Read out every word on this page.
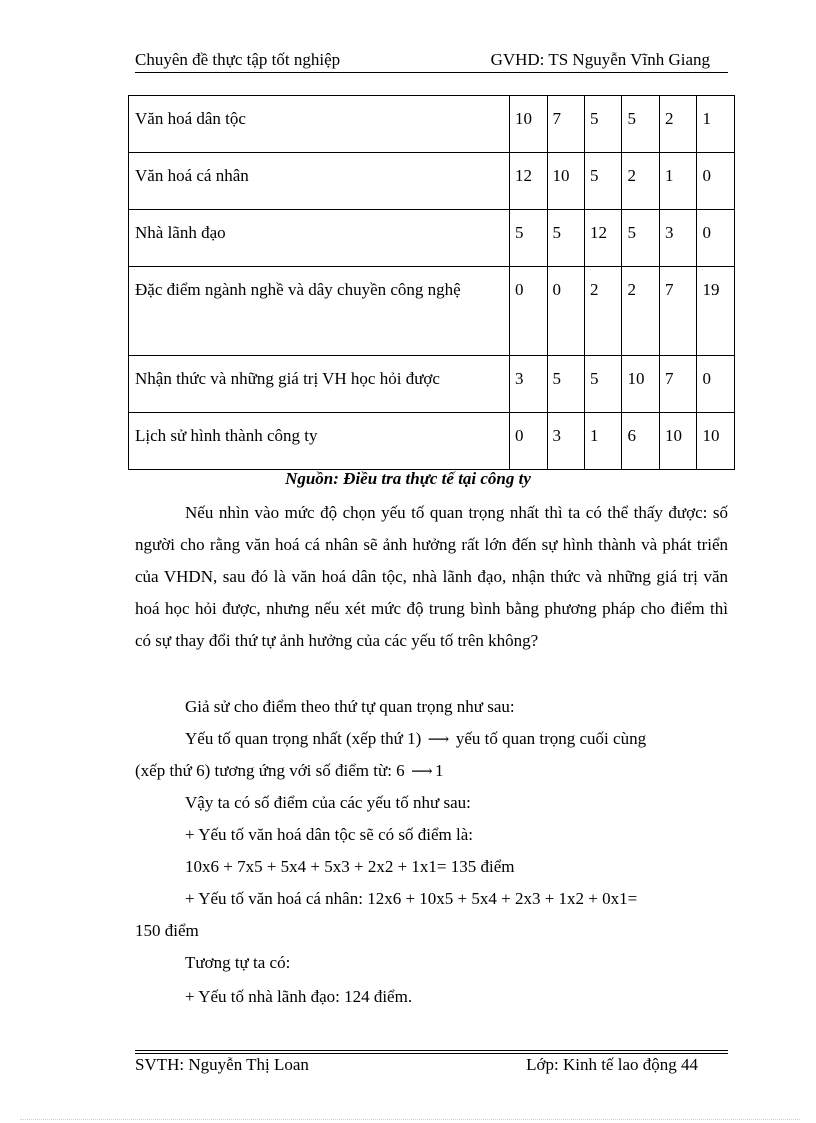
Chuyên đề thực tập tốt nghiệp	GVHD: TS Nguyễn Vĩnh Giang
Văn hoá dân tộc	10	7	5	5	2	1
Văn hoá cá nhân	12	10	5	2	1	0
Nhà lãnh đạo	5	5	12	5	3	0
Đặc điểm ngành nghề và dây chuyền công nghệ	0	0	2	2	7	19
Nhận thức và những giá trị VH học hỏi được	3	5	5	10	7	0
Lịch sử hình thành công ty	0	3	1	6	10	10
Nguồn: Điều tra thực tế tại công ty
Nếu nhìn vào mức độ chọn yếu tố quan trọng nhất thì ta có thể thấy được: số người cho rằng văn hoá cá nhân sẽ ảnh hưởng rất lớn đến sự hình thành và phát triển của VHDN, sau đó là văn hoá dân tộc, nhà lãnh đạo, nhận thức và những giá trị văn hoá học hỏi được, nhưng nếu xét mức độ trung bình bằng phương pháp cho điểm thì có sự thay đổi thứ tự ảnh hưởng của các yếu tố trên không?
Giả sử cho điểm theo thứ tự quan trọng như sau:
Yếu tố quan trọng nhất (xếp thứ 1) ⟶ yếu tố quan trọng cuối cùng
(xếp thứ 6) tương ứng với số điểm từ: 6 ⟶ 1
Vậy ta có số điểm của các yếu tố như sau:
+ Yếu tố văn hoá dân tộc sẽ có số điểm là:
10x6 + 7x5 + 5x4 + 5x3 + 2x2 + 1x1= 135 điểm
+ Yếu tố văn hoá cá nhân: 12x6 + 10x5 + 5x4 + 2x3 + 1x2 + 0x1=
150 điểm
Tương tự ta có:
+ Yếu tố nhà lãnh đạo: 124 điểm.
SVTH: Nguyễn Thị Loan	Lớp: Kinh tế lao động 44
